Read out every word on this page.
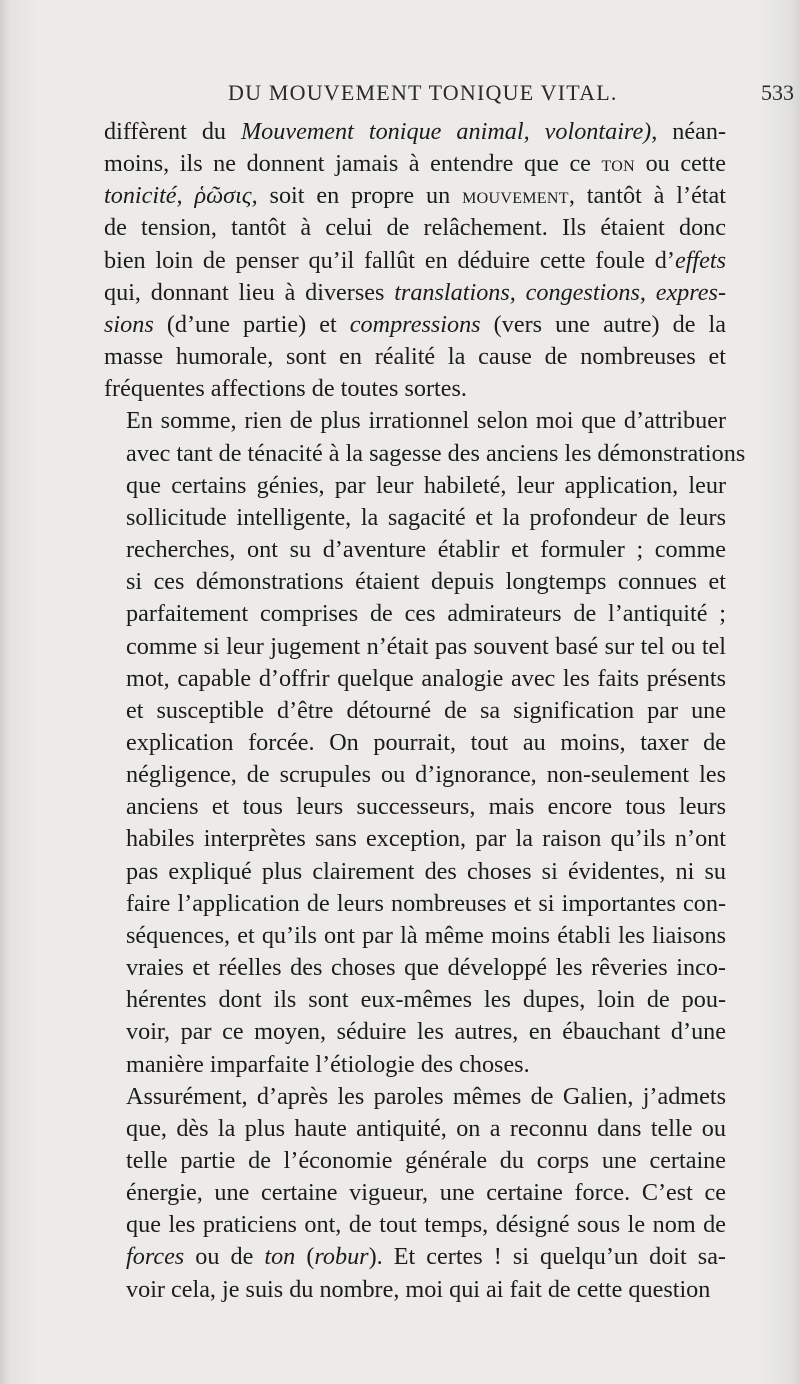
DU MOUVEMENT TONIQUE VITAL.	533

diffèrent du Mouvement tonique animal, volontaire), néan-
moins, ils ne donnent jamais à entendre que ce ton ou cette
tonicité, ῥῶσις, soit en propre un mouvement, tantôt à l’état
de tension, tantôt à celui de relâchement. Ils étaient donc
bien loin de penser qu’il fallût en déduire cette foule d’effets
qui, donnant lieu à diverses translations, congestions, expres-
sions (d’une partie) et compressions (vers une autre) de la
masse humorale, sont en réalité la cause de nombreuses et
fréquentes affections de toutes sortes.

En somme, rien de plus irrationnel selon moi que d’attribuer
avec tant de ténacité à la sagesse des anciens les démonstrations
que certains génies, par leur habileté, leur application, leur
sollicitude intelligente, la sagacité et la profondeur de leurs
recherches, ont su d’aventure établir et formuler ; comme
si ces démonstrations étaient depuis longtemps connues et
parfaitement comprises de ces admirateurs de l’antiquité ;
comme si leur jugement n’était pas souvent basé sur tel ou tel
mot, capable d’offrir quelque analogie avec les faits présents
et susceptible d’être détourné de sa signification par une
explication forcée. On pourrait, tout au moins, taxer de
négligence, de scrupules ou d’ignorance, non-seulement les
anciens et tous leurs successeurs, mais encore tous leurs
habiles interprètes sans exception, par la raison qu’ils n’ont
pas expliqué plus clairement des choses si évidentes, ni su
faire l’application de leurs nombreuses et si importantes con-
séquences, et qu’ils ont par là même moins établi les liaisons
vraies et réelles des choses que développé les rêveries inco-
hérentes dont ils sont eux-mêmes les dupes, loin de pou-
voir, par ce moyen, séduire les autres, en ébauchant d’une
manière imparfaite l’étiologie des choses.

Assurément, d’après les paroles mêmes de Galien, j’admets
que, dès la plus haute antiquité, on a reconnu dans telle ou
telle partie de l’économie générale du corps une certaine
énergie, une certaine vigueur, une certaine force. C’est ce
que les praticiens ont, de tout temps, désigné sous le nom de
forces ou de ton (robur). Et certes ! si quelqu’un doit sa-
voir cela, je suis du nombre, moi qui ai fait de cette question
